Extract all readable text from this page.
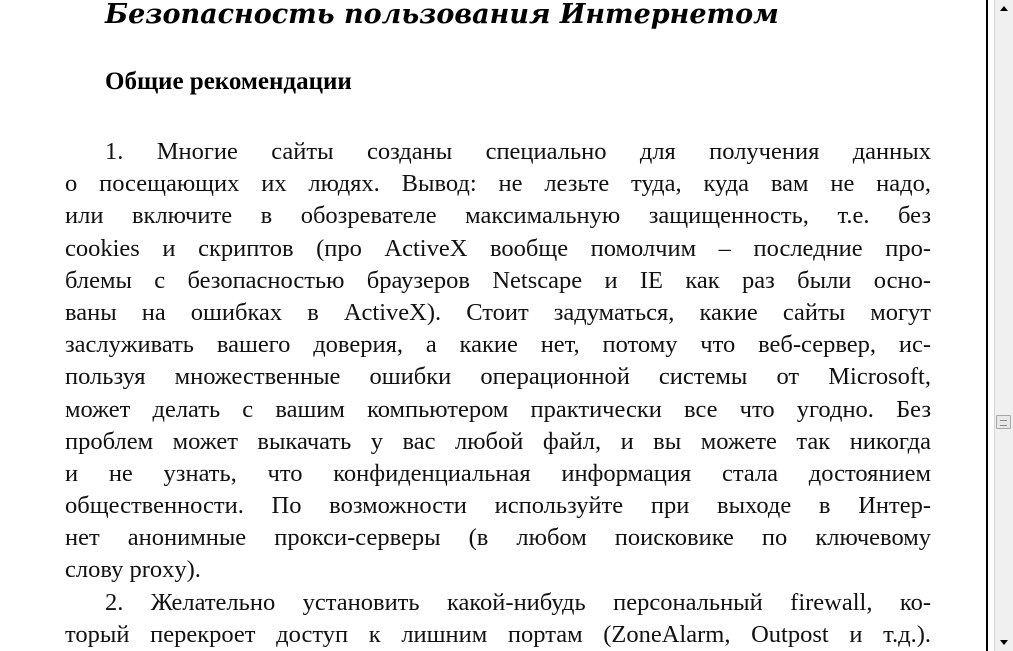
Безопасность пользования Интернетом
Общие рекомендации
1. Многие сайты созданы специально для получения данных
о посещающих их людях. Вывод: не лезьте туда, куда вам не надо,
или включите в обозревателе максимальную защищенность, т.е. без
cookies и скриптов (про ActiveX вообще помолчим – последние про-
блемы с безопасностью браузеров Netscape и IE как раз были осно-
ваны на ошибках в ActiveX). Стоит задуматься, какие сайты могут
заслуживать вашего доверия, а какие нет, потому что веб-сервер, ис-
пользуя множественные ошибки операционной системы от Microsoft,
может делать с вашим компьютером практически все что угодно. Без
проблем может выкачать у вас любой файл, и вы можете так никогда
и не узнать, что конфиденциальная информация стала достоянием
общественности. По возможности используйте при выходе в Интер-
нет анонимные прокси-серверы (в любом поисковике по ключевому
слову proxy).
2. Желательно установить какой-нибудь персональный firewall, ко-
торый перекроет доступ к лишним портам (ZoneAlarm, Outpost и т.д.).
